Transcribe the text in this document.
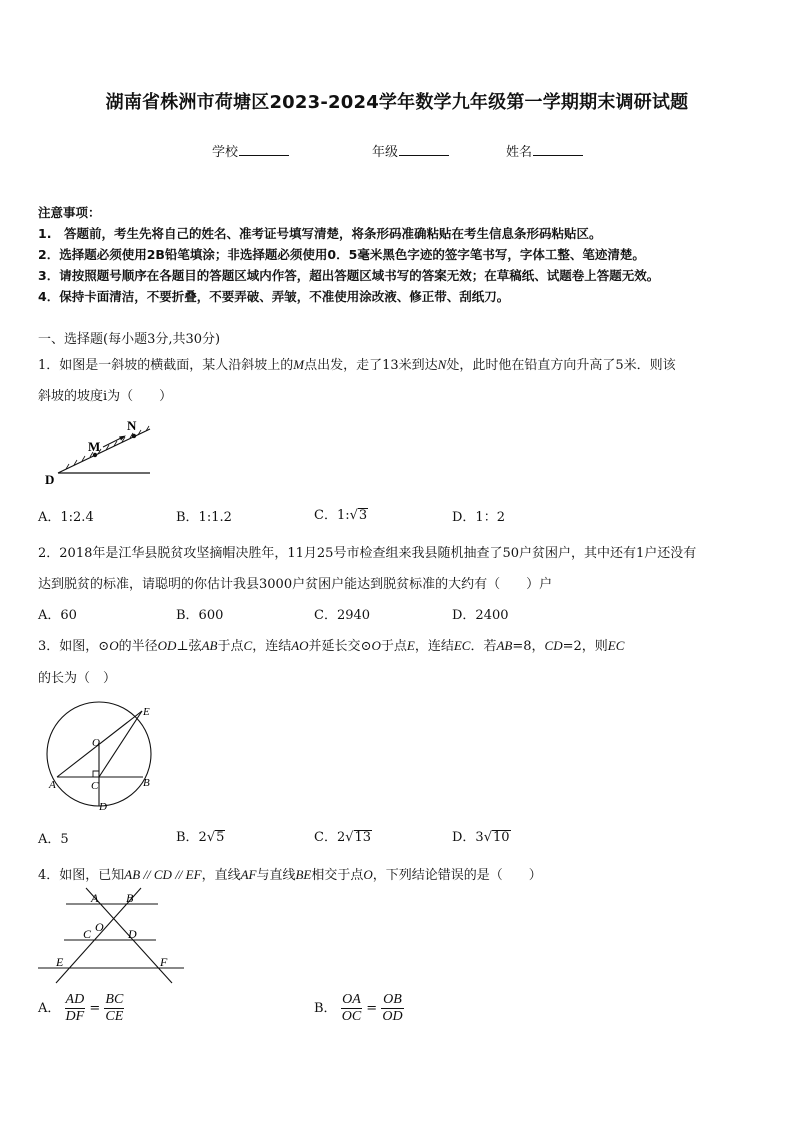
湖南省株洲市荷塘区2023-2024学年数学九年级第一学期期末调研试题
学校	年级	姓名
注意事项：
1.　答题前，考生先将自己的姓名、准考证号填写清楚，将条形码准确粘贴在考生信息条形码粘贴区。
2．选择题必须使用2B铅笔填涂；非选择题必须使用0．5毫米黑色字迹的签字笔书写，字体工整、笔迹清楚。
3．请按照题号顺序在各题目的答题区域内作答，超出答题区域书写的答案无效；在草稿纸、试题卷上答题无效。
4．保持卡面清洁，不要折叠，不要弄破、弄皱，不准使用涂改液、修正带、刮纸刀。
一、选择题(每小题3分,共30分)
1．如图是一斜坡的横截面，某人沿斜坡上的M点出发，走了13米到达N处，此时他在铅直方向升高了5米．则该
斜坡的坡度i为（　　）
M
N
D
A．1:2.4	B．1:1.2	C．1:√3	D．1：2
2．2018年是江华县脱贫攻坚摘帽决胜年，11月25号市检查组来我县随机抽查了50户贫困户，其中还有1户还没有
达到脱贫的标准，请聪明的你估计我县3000户贫困户能达到脱贫标准的大约有（　　）户
A．60	B．600	C．2940	D．2400
3．如图，⊙O的半径OD⊥弦AB于点C，连结AO并延长交⊙O于点E，连结EC．若AB=8，CD=2，则EC
的长为（　）
E
O
A	B
C
D
A．5	B．2√5	C．2√13	D．3√10
4．如图，已知AB // CD // EF，直线AF与直线BE相交于点O，下列结论错误的是（　　）
A B
C O D
E	F
A． $\frac{AD}{DF} = \frac{BC}{CE}$	B． $\frac{OA}{OC} = \frac{OB}{OD}$
